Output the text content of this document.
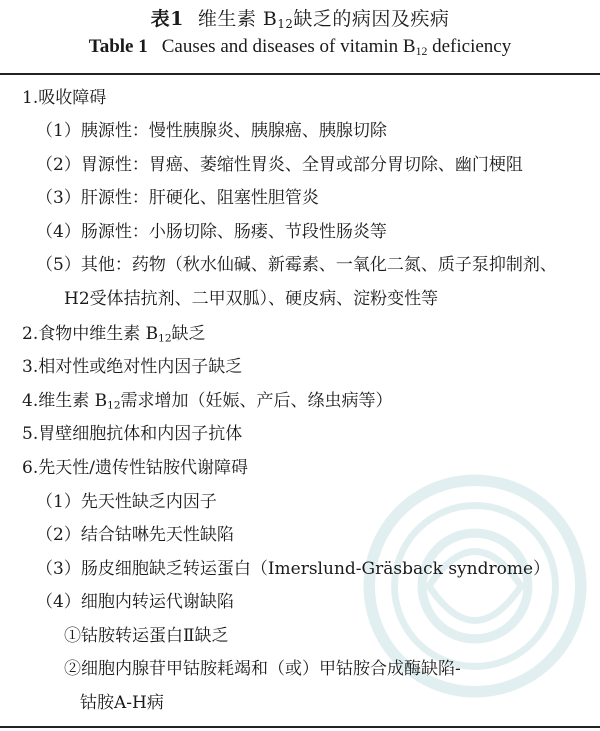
表1 维生素 $B_{12}$缺乏的病因及疾病
Table 1 Causes and diseases of vitamin $B_{12}$ deficiency
1.吸收障碍
（1）胰源性：慢性胰腺炎、胰腺癌、胰腺切除
（2）胃源性：胃癌、萎缩性胃炎、全胃或部分胃切除、幽门梗阻
（3）肝源性：肝硬化、阻塞性胆管炎
（4）肠源性：小肠切除、肠瘘、节段性肠炎等
（5）其他：药物（秋水仙碱、新霉素、一氧化二氮、质子泵抑制剂、
H2受体拮抗剂、二甲双胍）、硬皮病、淀粉变性等
2.食物中维生素 $B_{12}$缺乏
3.相对性或绝对性内因子缺乏
4.维生素 $B_{12}$需求增加（妊娠、产后、绦虫病等）
5.胃壁细胞抗体和内因子抗体
6.先天性/遗传性钴胺代谢障碍
（1）先天性缺乏内因子
（2）结合钴啉先天性缺陷
（3）肠皮细胞缺乏转运蛋白（Imerslund-Gräsback syndrome）
（4）细胞内转运代谢缺陷
①钴胺转运蛋白Ⅱ缺乏
②细胞内腺苷甲钴胺耗竭和（或）甲钴胺合成酶缺陷-
钴胺A-H病
